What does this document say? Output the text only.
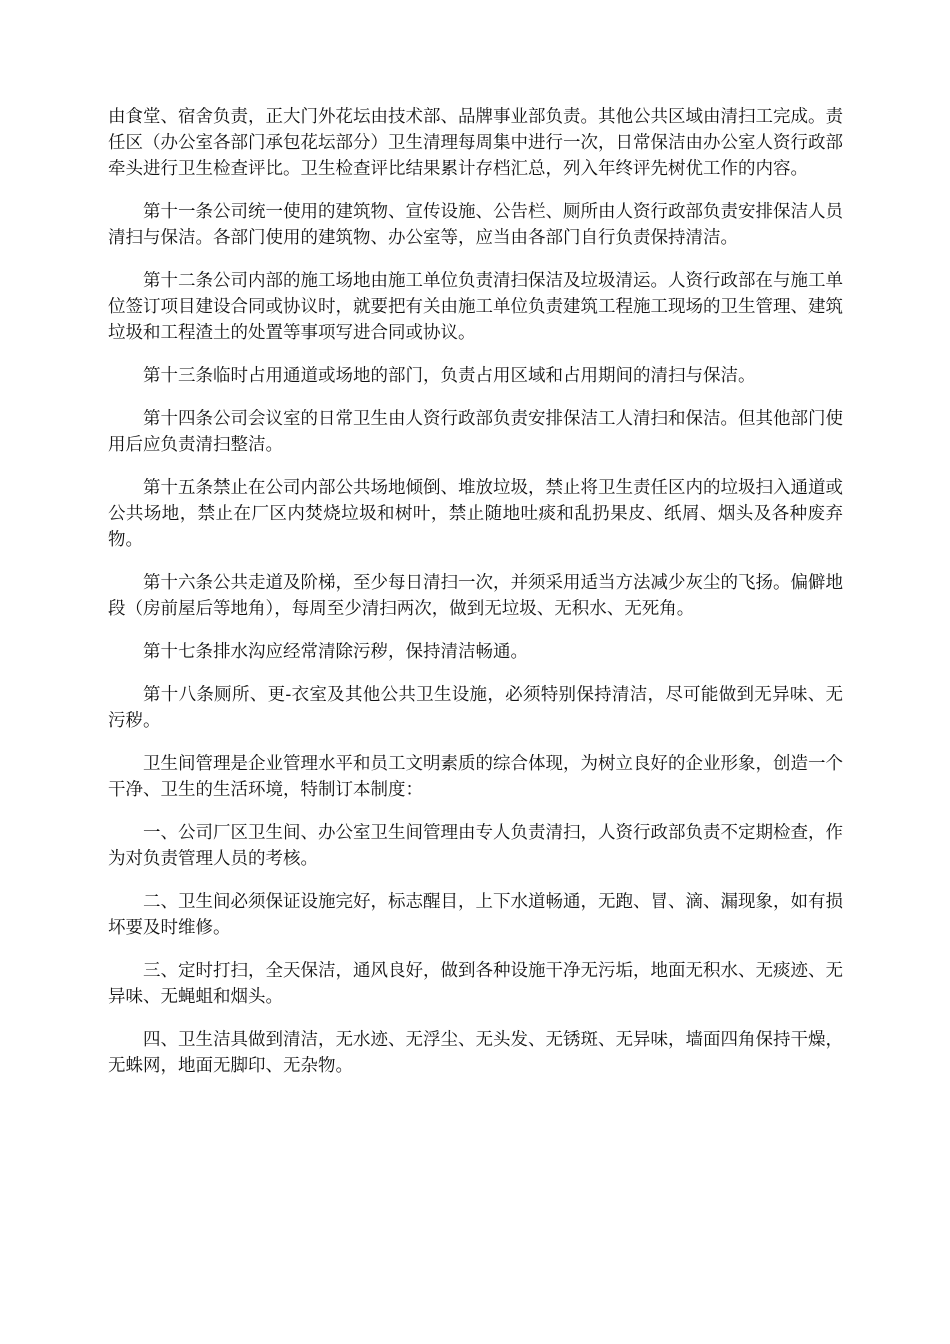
由食堂、宿舍负责，正大门外花坛由技术部、品牌事业部负责。其他公共区域由清扫工完成。责任区（办公室各部门承包花坛部分）卫生清理每周集中进行一次，日常保洁由办公室人资行政部牵头进行卫生检查评比。卫生检查评比结果累计存档汇总，列入年终评先树优工作的内容。

第十一条公司统一使用的建筑物、宣传设施、公告栏、厕所由人资行政部负责安排保洁人员清扫与保洁。各部门使用的建筑物、办公室等，应当由各部门自行负责保持清洁。

第十二条公司内部的施工场地由施工单位负责清扫保洁及垃圾清运。人资行政部在与施工单位签订项目建设合同或协议时，就要把有关由施工单位负责建筑工程施工现场的卫生管理、建筑垃圾和工程渣土的处置等事项写进合同或协议。

第十三条临时占用通道或场地的部门，负责占用区域和占用期间的清扫与保洁。

第十四条公司会议室的日常卫生由人资行政部负责安排保洁工人清扫和保洁。但其他部门使用后应负责清扫整洁。

第十五条禁止在公司内部公共场地倾倒、堆放垃圾，禁止将卫生责任区内的垃圾扫入通道或公共场地，禁止在厂区内焚烧垃圾和树叶，禁止随地吐痰和乱扔果皮、纸屑、烟头及各种废弃物。

第十六条公共走道及阶梯，至少每日清扫一次，并须采用适当方法减少灰尘的飞扬。偏僻地段（房前屋后等地角），每周至少清扫两次，做到无垃圾、无积水、无死角。

第十七条排水沟应经常清除污秽，保持清洁畅通。

第十八条厕所、更-衣室及其他公共卫生设施，必须特别保持清洁，尽可能做到无异味、无污秽。

卫生间管理是企业管理水平和员工文明素质的综合体现，为树立良好的企业形象，创造一个干净、卫生的生活环境，特制订本制度：

一、公司厂区卫生间、办公室卫生间管理由专人负责清扫，人资行政部负责不定期检查，作为对负责管理人员的考核。

二、卫生间必须保证设施完好，标志醒目，上下水道畅通，无跑、冒、滴、漏现象，如有损坏要及时维修。

三、定时打扫，全天保洁，通风良好，做到各种设施干净无污垢，地面无积水、无痰迹、无异味、无蝇蛆和烟头。

四、卫生洁具做到清洁，无水迹、无浮尘、无头发、无锈斑、无异味，墙面四角保持干燥，无蛛网，地面无脚印、无杂物。
